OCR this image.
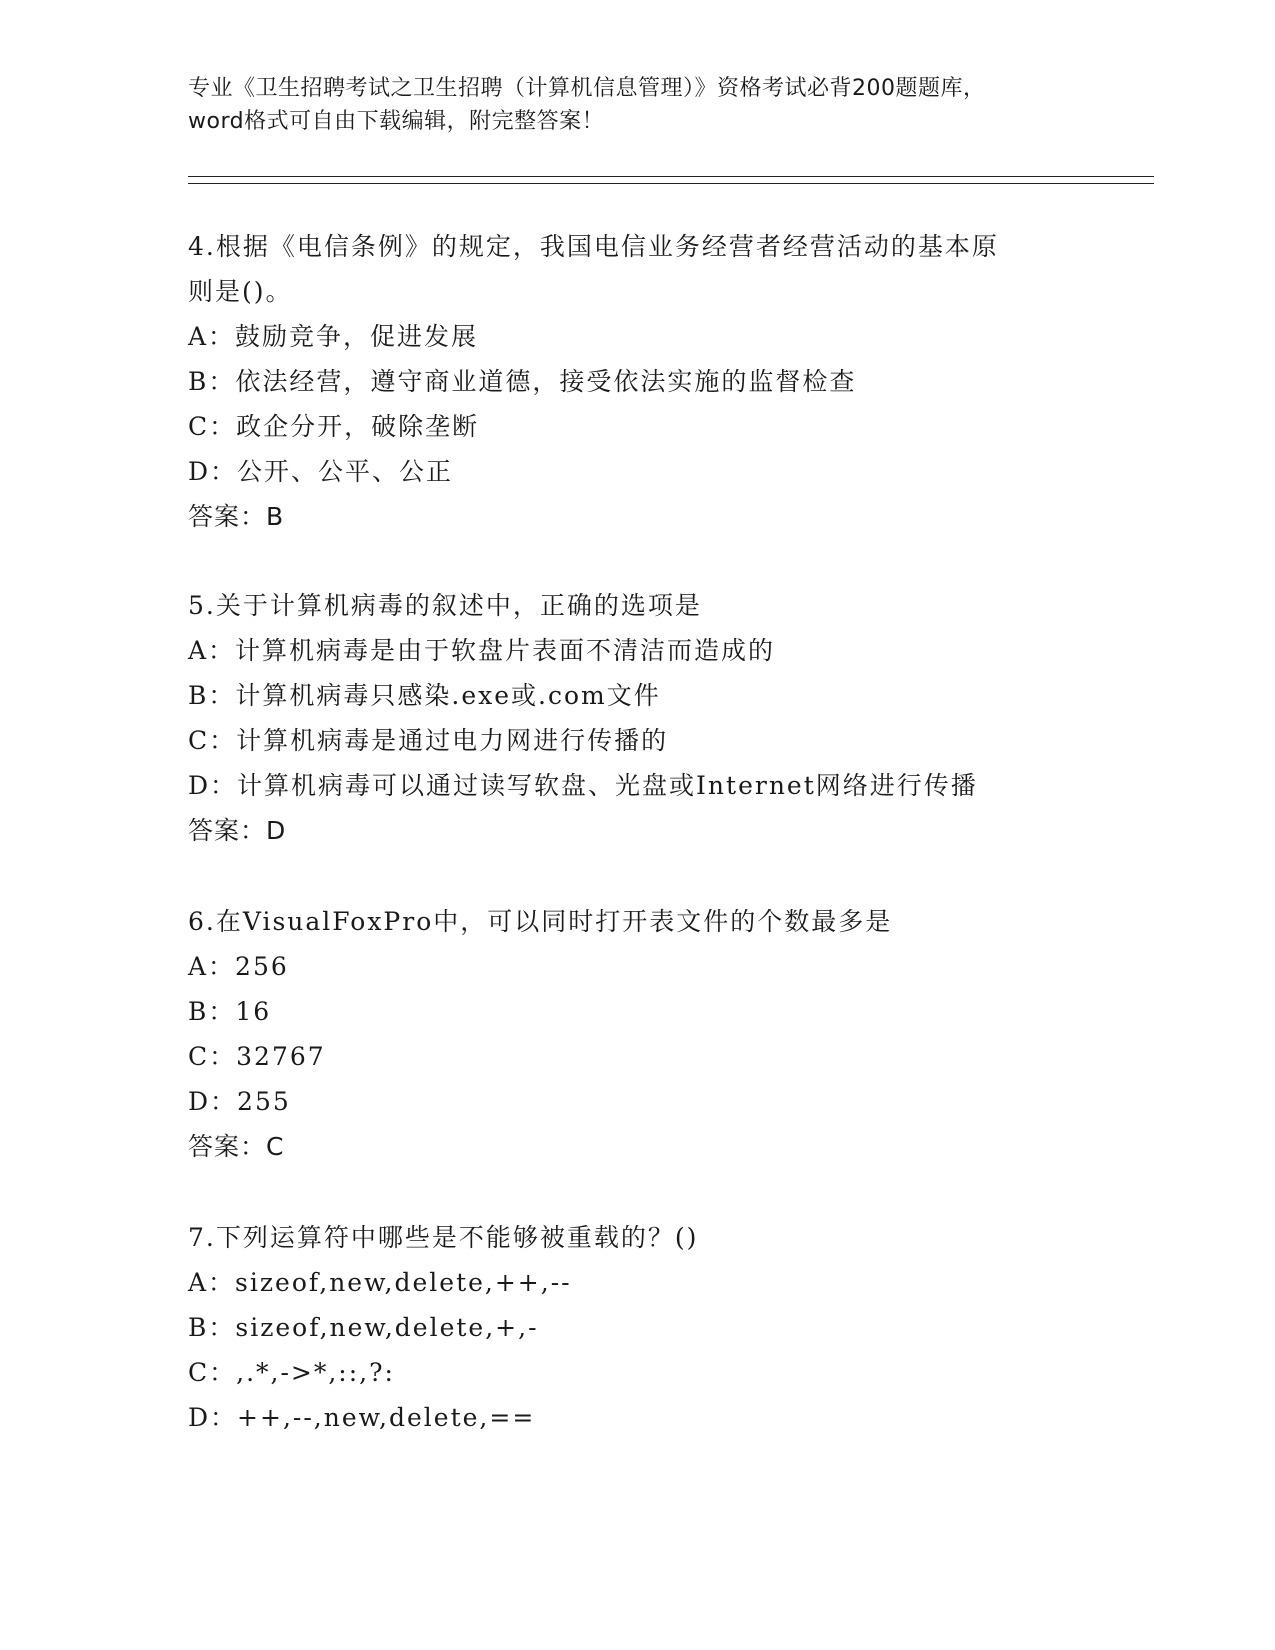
专业《卫生招聘考试之卫生招聘（计算机信息管理）》资格考试必背200题题库，
word格式可自由下载编辑，附完整答案！
4.根据《电信条例》的规定，我国电信业务经营者经营活动的基本原
则是()。
A：鼓励竞争，促进发展
B：依法经营，遵守商业道德，接受依法实施的监督检查
C：政企分开，破除垄断
D：公开、公平、公正
答案：B
5.关于计算机病毒的叙述中，正确的选项是
A：计算机病毒是由于软盘片表面不清洁而造成的
B：计算机病毒只感染.exe或.com文件
C：计算机病毒是通过电力网进行传播的
D：计算机病毒可以通过读写软盘、光盘或Internet网络进行传播
答案：D
6.在VisualFoxPro中，可以同时打开表文件的个数最多是
A：256
B：16
C：32767
D：255
答案：C
7.下列运算符中哪些是不能够被重载的？()
A：sizeof,new,delete,++,--
B：sizeof,new,delete,+,-
C：,.*,->*,::,?:
D：++,--,new,delete,==
